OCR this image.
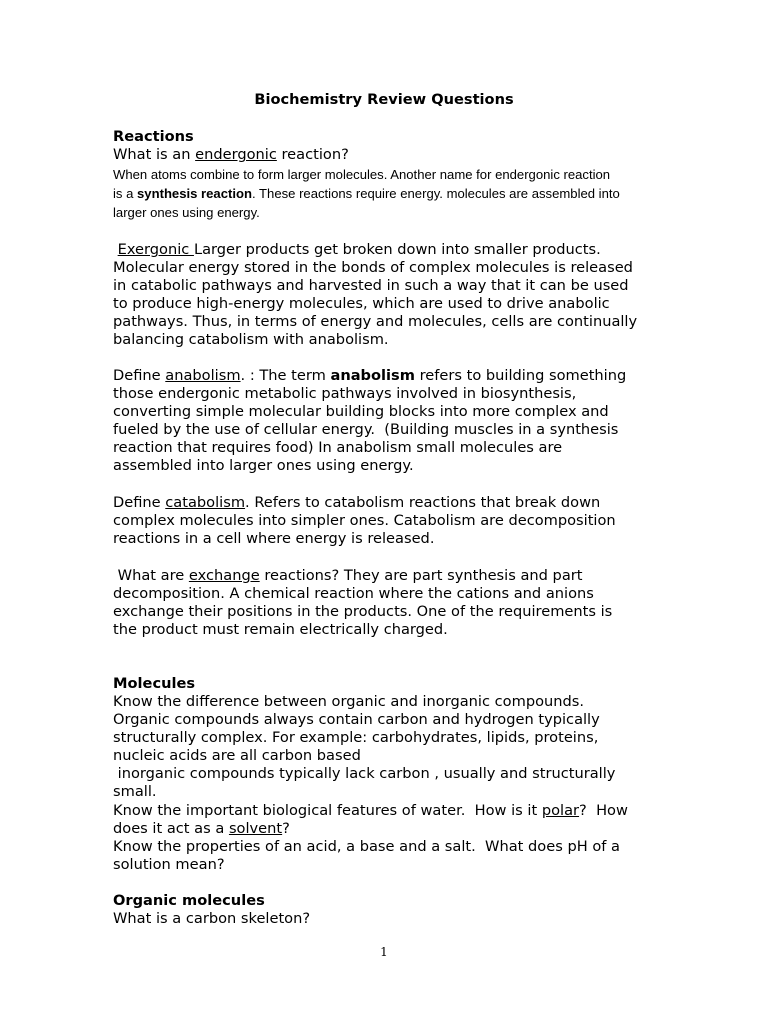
Biochemistry Review Questions
Reactions
What is an endergonic reaction?
When atoms combine to form larger molecules. Another name for endergonic reaction
is a synthesis reaction. These reactions require energy. molecules are assembled into
larger ones using energy.
Exergonic Larger products get broken down into smaller products.
Molecular energy stored in the bonds of complex molecules is released
in catabolic pathways and harvested in such a way that it can be used
to produce high-energy molecules, which are used to drive anabolic
pathways. Thus, in terms of energy and molecules, cells are continually
balancing catabolism with anabolism.
Define anabolism. : The term anabolism refers to building something
those endergonic metabolic pathways involved in biosynthesis,
converting simple molecular building blocks into more complex and
fueled by the use of cellular energy.  (Building muscles in a synthesis
reaction that requires food) In anabolism small molecules are
assembled into larger ones using energy.
Define catabolism. Refers to catabolism reactions that break down
complex molecules into simpler ones. Catabolism are decomposition
reactions in a cell where energy is released.
What are exchange reactions? They are part synthesis and part
decomposition. A chemical reaction where the cations and anions
exchange their positions in the products. One of the requirements is
the product must remain electrically charged.
Molecules
Know the difference between organic and inorganic compounds.
Organic compounds always contain carbon and hydrogen typically
structurally complex. For example: carbohydrates, lipids, proteins,
nucleic acids are all carbon based
inorganic compounds typically lack carbon , usually and structurally
small.
Know the important biological features of water.  How is it polar?  How
does it act as a solvent?
Know the properties of an acid, a base and a salt.  What does pH of a
solution mean?
Organic molecules
What is a carbon skeleton?
1
